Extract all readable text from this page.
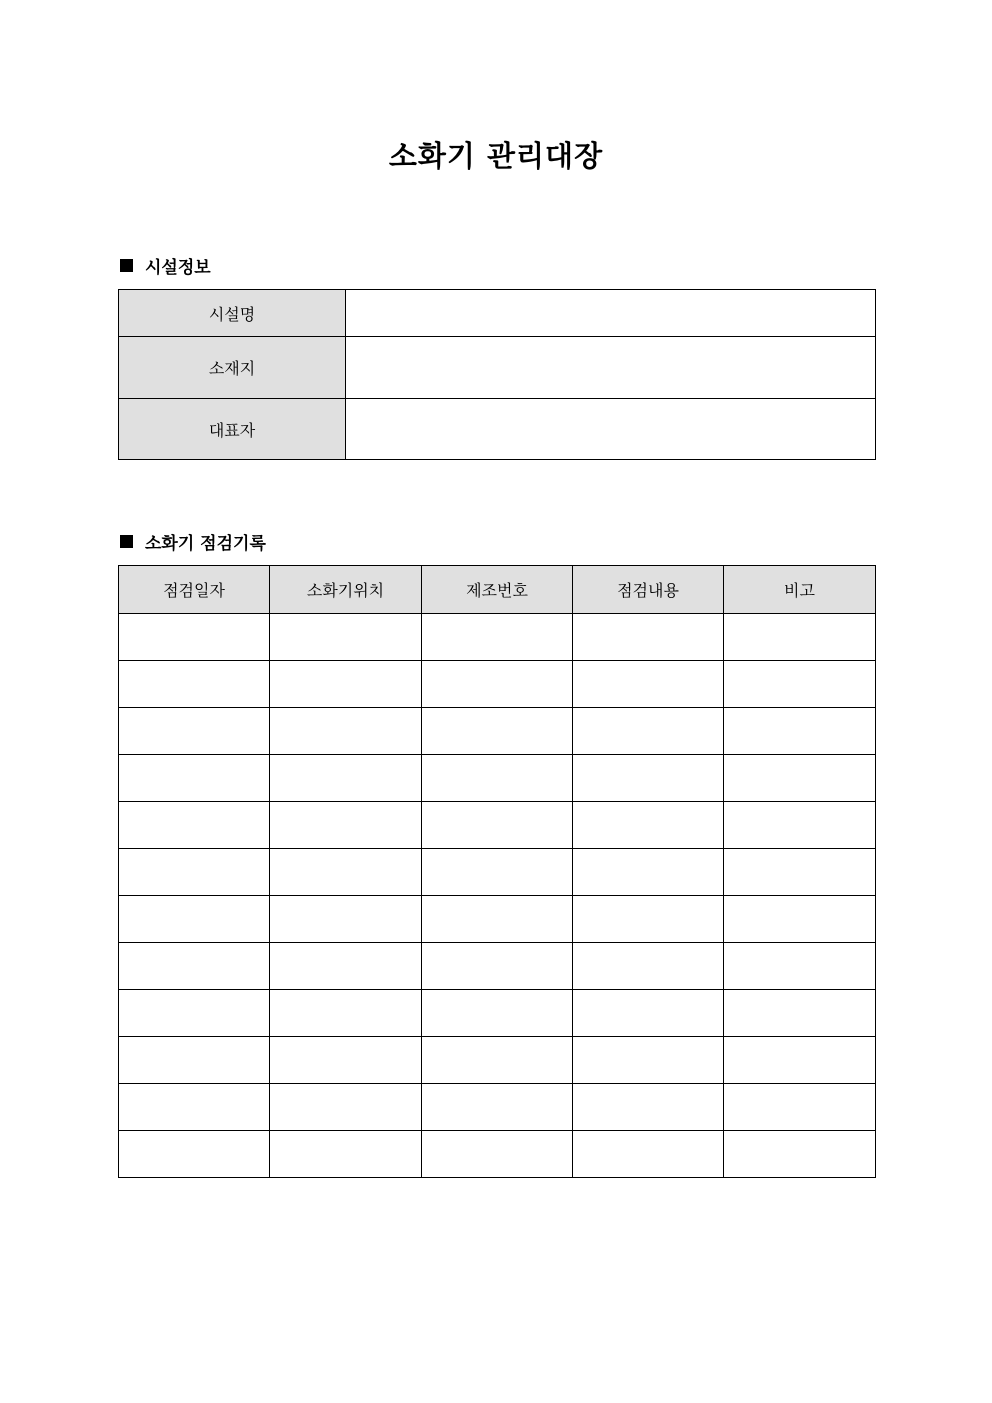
소화기 관리대장
시설정보
시설명	
소재지	
대표자	
소화기 점검기록
점검일자	소화기위치	제조번호	점검내용	비고
